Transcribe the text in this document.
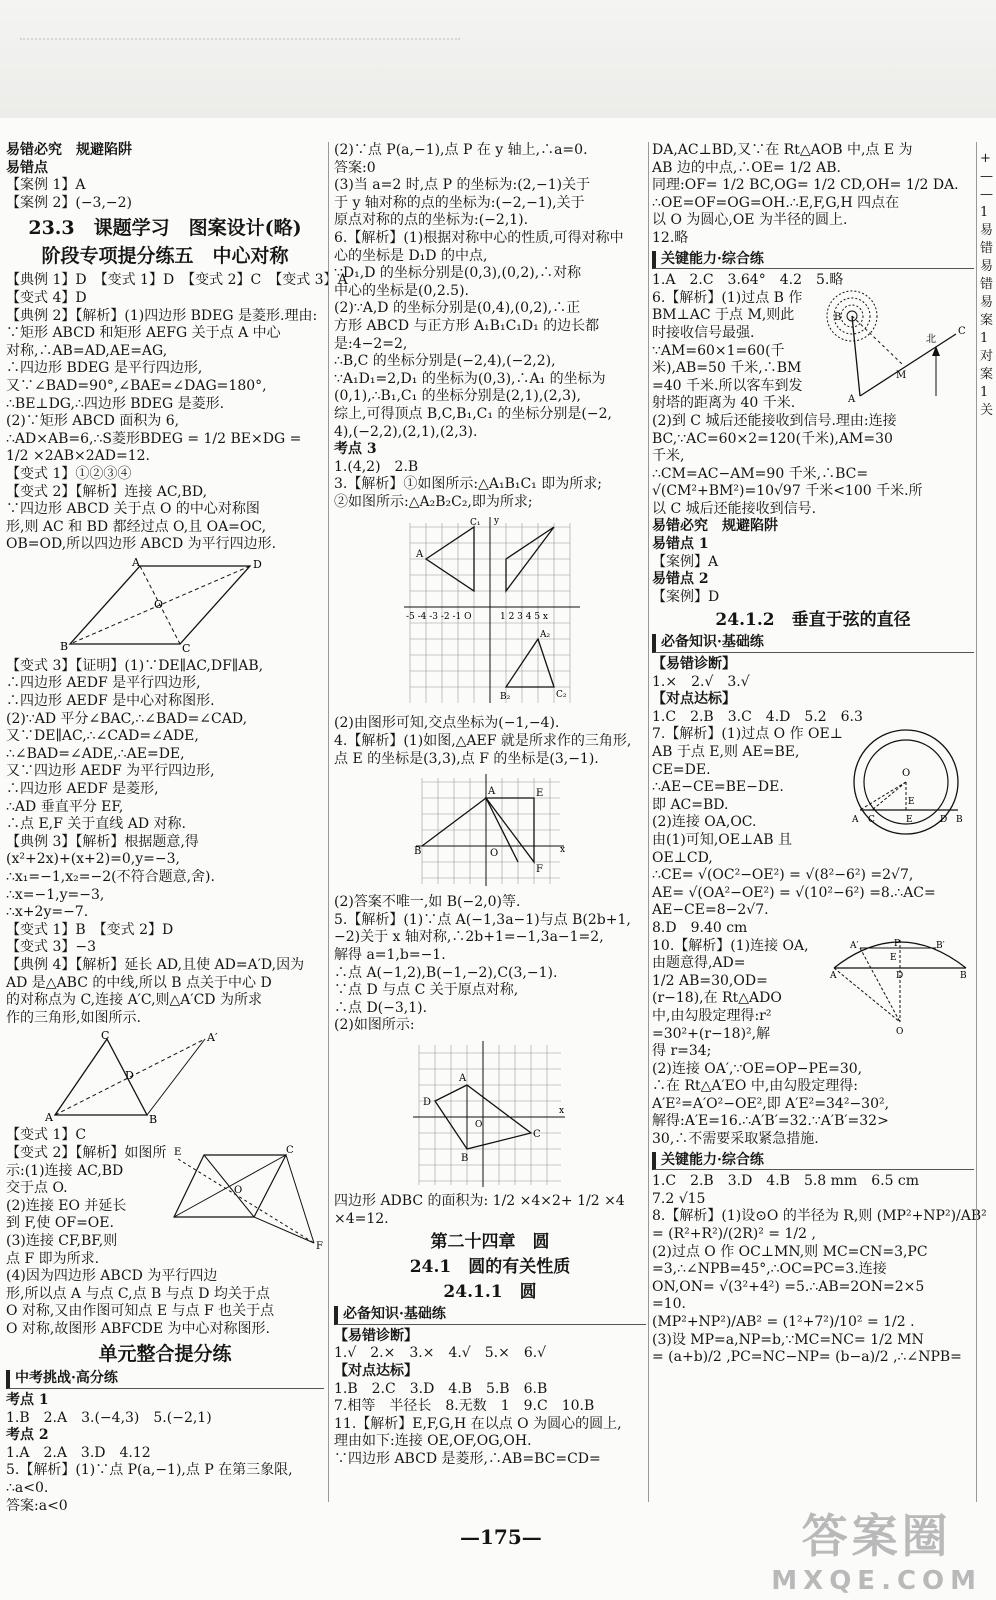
易错必究　规避陷阱
易错点
【案例 1】A
【案例 2】(−3,−2)
23.3　课题学习　图案设计(略)
阶段专项提分练五　中心对称
【典例 1】D　【变式 1】D　【变式 2】C　【变式 3】A
【变式 4】D
【典例 2】【解析】(1)四边形 BDEG 是菱形.理由:
∵矩形 ABCD 和矩形 AEFG 关于点 A 中心
对称,∴AB=AD,AE=AG,
∴四边形 BDEG 是平行四边形,
又∵∠BAD=90°,∠BAE=∠DAG=180°,
∴BE⊥DG,∴四边形 BDEG 是菱形.
(2)∵矩形 ABCD 面积为 6,
∴AD×AB=6,∴S菱形BDEG = 1/2 BE×DG =
1/2 ×2AB×2AD=12.
【变式 1】①②③④
【变式 2】【解析】连接 AC,BD,
∵四边形 ABCD 关于点 O 的中心对称图
形,则 AC 和 BD 都经过点 O,且 OA=OC,
OB=OD,所以四边形 ABCD 为平行四边形.
A	D
B	C
O
【变式 3】【证明】(1)∵DE∥AC,DF∥AB,
∴四边形 AEDF 是平行四边形,
∴四边形 AEDF 是中心对称图形.
(2)∵AD 平分∠BAC,∴∠BAD=∠CAD,
又∵DE∥AC,∴∠CAD=∠ADE,
∴∠BAD=∠ADE,∴AE=DE,
又∵四边形 AEDF 为平行四边形,
∴四边形 AEDF 是菱形,
∴AD 垂直平分 EF,
∴点 E,F 关于直线 AD 对称.
【典例 3】【解析】根据题意,得
(x²+2x)+(x+2)=0,y=−3,
∴x₁=−1,x₂=−2(不符合题意,舍).
∴x=−1,y=−3,
∴x+2y=−7.
【变式 1】B　【变式 2】D
【变式 3】−3
【典例 4】【解析】延长 AD,且使 AD=A′D,因为
AD 是△ABC 的中线,所以 B 点关于中心 D
的对称点为 C,连接 A′C,则△A′CD 为所求
作的三角形,如图所示.
C	A′
A	B
D
【变式 1】C
E	C
O
F
【变式 2】【解析】如图所
示:(1)连接 AC,BD
交于点 O.
(2)连接 EO 并延长
到 F,使 OF=OE.
(3)连接 CF,BF,则
点 F 即为所求.
(4)因为四边形 ABCD 为平行四边
形,所以点 A 与点 C,点 B 与点 D 均关于点
O 对称,又由作图可知点 E 与点 F 也关于点
O 对称,故图形 ABFCDE 为中心对称图形.
单元整合提分练
中考挑战·高分练
考点 1
1.B　2.A　3.(−4,3)　5.(−2,1)
考点 2
1.A　2.A　3.D　4.12
5.【解析】(1)∵点 P(a,−1),点 P 在第三象限,
∴a<0.
答案:a<0
(2)∵点 P(a,−1),点 P 在 y 轴上,∴a=0.
答案:0
(3)当 a=2 时,点 P 的坐标为:(2,−1)关于
于 y 轴对称的点的坐标为:(−2,−1),关于
原点对称的点的坐标为:(−2,1).
6.【解析】(1)根据对称中心的性质,可得对称中
心的坐标是 D₁D 的中点,
∵D₁,D 的坐标分别是(0,3),(0,2),∴对称
中心的坐标是(0,2.5).
(2)∵A,D 的坐标分别是(0,4),(0,2),∴正
方形 ABCD 与正方形 A₁B₁C₁D₁ 的边长都
是:4−2=2,
∴B,C 的坐标分别是(−2,4),(−2,2),
∵A₁D₁=2,D₁ 的坐标为(0,3),∴A₁ 的坐标为
(0,1),∴B₁,C₁ 的坐标分别是(2,1),(2,3),
综上,可得顶点 B,C,B₁,C₁ 的坐标分别是(−2,
4),(−2,2),(2,1),(2,3).
考点 3
1.(4,2)　2.B
3.【解析】①如图所示:△A₁B₁C₁ 即为所求;
②如图所示:△A₂B₂C₂,即为所求;
A
C₁
A₂
B₂	C₂
-5 -4 -3 -2 -1 O	1 2 3 4 5 x
y
(2)由图形可知,交点坐标为(−1,−4).
4.【解析】(1)如图,△AEF 就是所求作的三角形,
点 E 的坐标是(3,3),点 F 的坐标是(3,−1).
A	E
B	O
F
x
(2)答案不唯一,如 B(−2,0)等.
5.【解析】(1)∵点 A(−1,3a−1)与点 B(2b+1,
−2)关于 x 轴对称,∴2b+1=−1,3a−1=2,
解得 a=1,b=−1.
∴点 A(−1,2),B(−1,−2),C(3,−1).
∵点 D 与点 C 关于原点对称,
∴点 D(−3,1).
(2)如图所示:
A
D
B
C
O
x
四边形 ADBC 的面积为: 1/2 ×4×2+ 1/2 ×4
×4=12.
第二十四章　圆
24.1　圆的有关性质
24.1.1　圆
必备知识·基础练
【易错诊断】
1.√　2.×　3.×　4.√　5.×　6.√
【对点达标】
1.B　2.C　3.D　4.B　5.B　6.B
7.相等　半径长　8.无数　1　9.C　10.B
11.【解析】E,F,G,H 在以点 O 为圆心的圆上,
理由如下:连接 OE,OF,OG,OH.
∵四边形 ABCD 是菱形,∴AB=BC=CD=
DA,AC⊥BD,又∵在 Rt△AOB 中,点 E 为
AB 边的中点,∴OE= 1/2 AB.
同理:OF= 1/2 BC,OG= 1/2 CD,OH= 1/2 DA.
∴OE=OF=OG=OH.∴E,F,G,H 四点在
以 O 为圆心,OE 为半径的圆上.
12.略
关键能力·综合练
1.A　2.C　3.64°　4.2　5.略
B
C
A
M
北
6.【解析】(1)过点 B 作
BM⊥AC 于点 M,则此
时接收信号最强.
∵AM=60×1=60(千
米),AB=50 千米,∴BM
=40 千米.所以客车到发
射塔的距离为 40 千米.
(2)到 C 城后还能接收到信号.理由:连接
BC,∵AC=60×2=120(千米),AM=30
千米,
∴CM=AC−AM=90 千米,∴BC=
√(CM²+BM²)=10√97 千米<100 千米.所
以 C 城后还能接收到信号.
易错必究　规避陷阱
易错点 1
【案例】A
易错点 2
【案例】D
24.1.2　垂直于弦的直径
必备知识·基础练
【易错诊断】
1.×　2.√　3.√
【对点达标】
1.C　2.B　3.C　4.D　5.2　6.3
O
E
A C	E	D B
7.【解析】(1)过点 O 作 OE⊥
AB 于点 E,则 AE=BE,
CE=DE.
∴AE−CE=BE−DE.
即 AC=BD.
(2)连接 OA,OC.
由(1)可知,OE⊥AB 且
OE⊥CD,
∴CE= √(OC²−OE²) = √(8²−6²) =2√7,
AE= √(OA²−OE²) = √(10²−6²) =8.∴AC=
AE−CE=8−2√7.
8.D　9.40 cm
P
A′	B′
E
A	D	B
O
10.【解析】(1)连接 OA,
由题意得,AD=
1/2 AB=30,OD=
(r−18),在 Rt△ADO
中,由勾股定理得:r²
=30²+(r−18)²,解
得 r=34;
(2)连接 OA′,∵OE=OP−PE=30,
∴在 Rt△A′EO 中,由勾股定理得:
A′E²=A′O²−OE²,即 A′E²=34²−30²,
解得:A′E=16.∴A′B′=32.∵A′B′=32>
30,∴不需要采取紧急措施.
关键能力·综合练
1.C　2.B　3.D　4.B　5.8 mm　6.5 cm
7.2 √15
8.【解析】(1)设⊙O 的半径为 R,则 (MP²+NP²)/AB²
= (R²+R²)/(2R)² = 1/2 ,
(2)过点 O 作 OC⊥MN,则 MC=CN=3,PC
=3,∴∠NPB=45°,∴OC=PC=3.连接
ON,ON= √(3²+4²) =5.∴AB=2ON=2×5
=10.
(MP²+NP²)/AB² = (1²+7²)/10² = 1/2 .
(3)设 MP=a,NP=b,∵MC=NC= 1/2 MN
= (a+b)/2 ,PC=NC−NP= (b−a)/2 ,∴∠NPB=
+
—
—
1
易
错
易
错
易
案
1
对
案
1
关
—175—	答案圈
MXQE.COM
